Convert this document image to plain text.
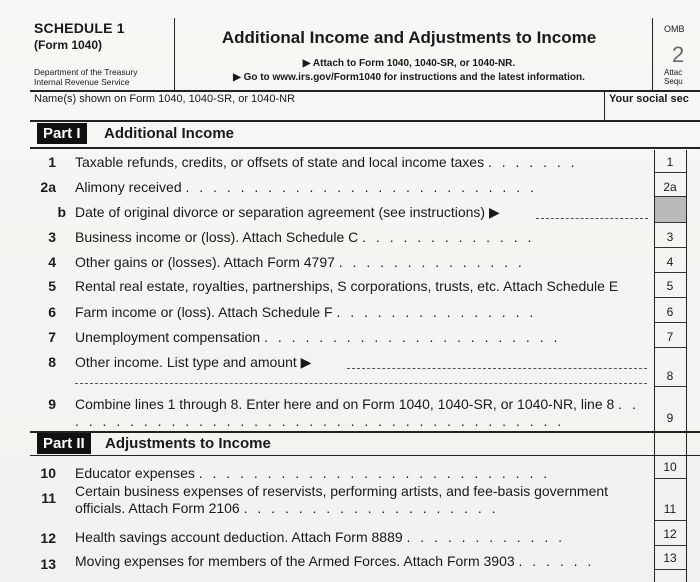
SCHEDULE 1
(Form 1040)
Department of the Treasury
Internal Revenue Service
Additional Income and Adjustments to Income
▶ Attach to Form 1040, 1040-SR, or 1040-NR.
▶ Go to www.irs.gov/Form1040 for instructions and the latest information.
OMB
2
Attac
Sequ
Name(s) shown on Form 1040, 1040-SR, or 1040-NR	Your social sec
Part I	Additional Income
1 Taxable refunds, credits, or offsets of state and local income taxes . . . . . . .	1
2a Alimony received . . . . . . . . . . . . . . . . . . . . . . . . . .	2a
b Date of original divorce or separation agreement (see instructions) ▶
3 Business income or (loss). Attach Schedule C . . . . . . . . . . . . .	3
4 Other gains or (losses). Attach Form 4797 . . . . . . . . . . . . . .	4
5 Rental real estate, royalties, partnerships, S corporations, trusts, etc. Attach Schedule E	5
6 Farm income or (loss). Attach Schedule F . . . . . . . . . . . . . . .	6
7 Unemployment compensation . . . . . . . . . . . . . . . . . . . . . .	7
8 Other income. List type and amount ▶
8
9 Combine lines 1 through 8. Enter here and on Form 1040, 1040-SR, or 1040-NR, line 8 . . . . . . . . . . . . . . . . . . . . . . . . . . . . . . . . . . . . . .	9
Part II	Adjustments to Income
10 Educator expenses . . . . . . . . . . . . . . . . . . . . . . . . . .	10
11 Certain business expenses of reservists, performing artists, and fee-basis government officials. Attach Form 2106 . . . . . . . . . . . . . . . . . . .	11
12 Health savings account deduction. Attach Form 8889 . . . . . . . . . . . .	12
13 Moving expenses for members of the Armed Forces. Attach Form 3903 . . . . . .	13
